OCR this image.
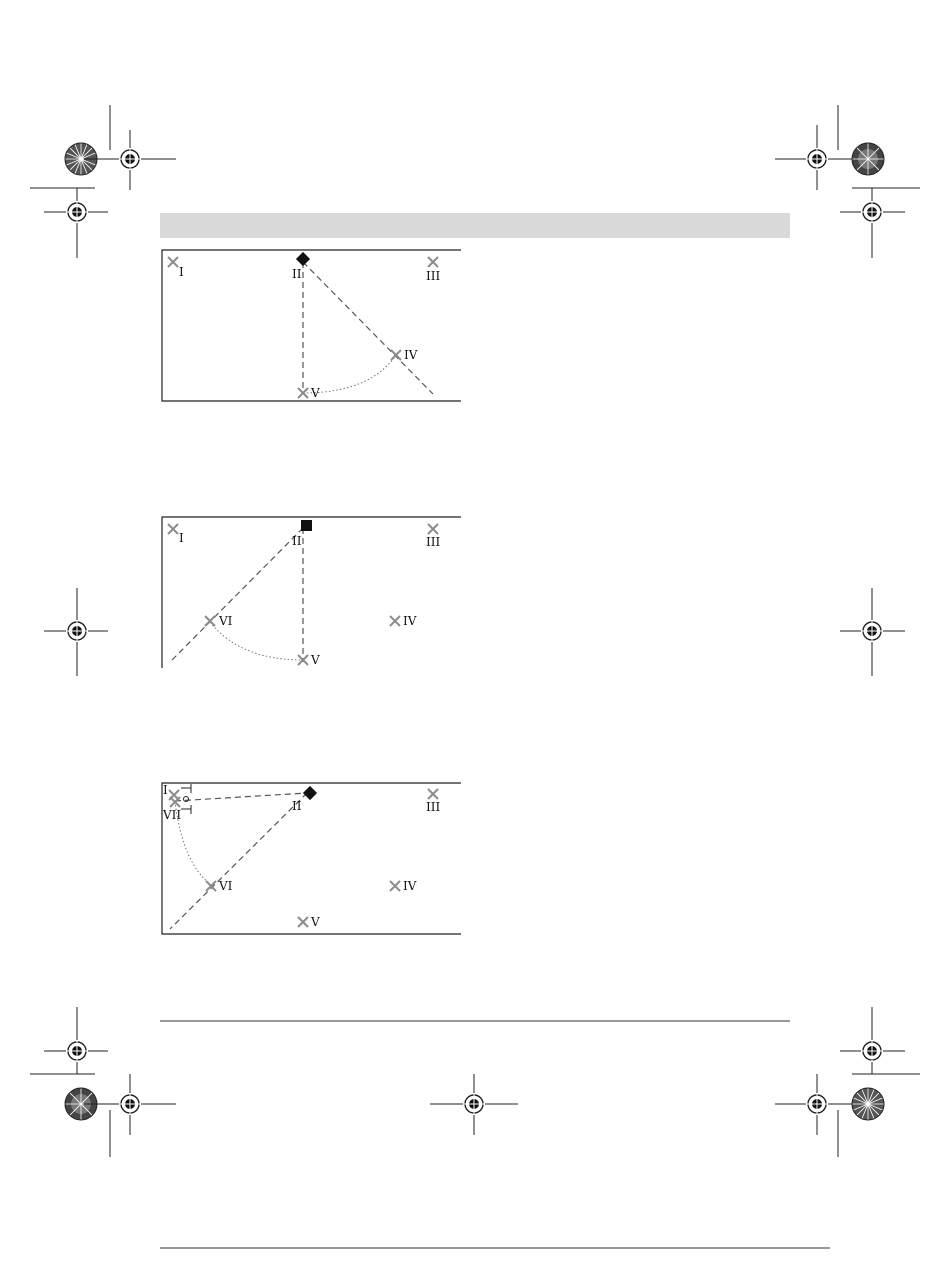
I	II	III
IV
V
I	II	III
VI	IV
V
I
VII
II	III
VI	IV
V
